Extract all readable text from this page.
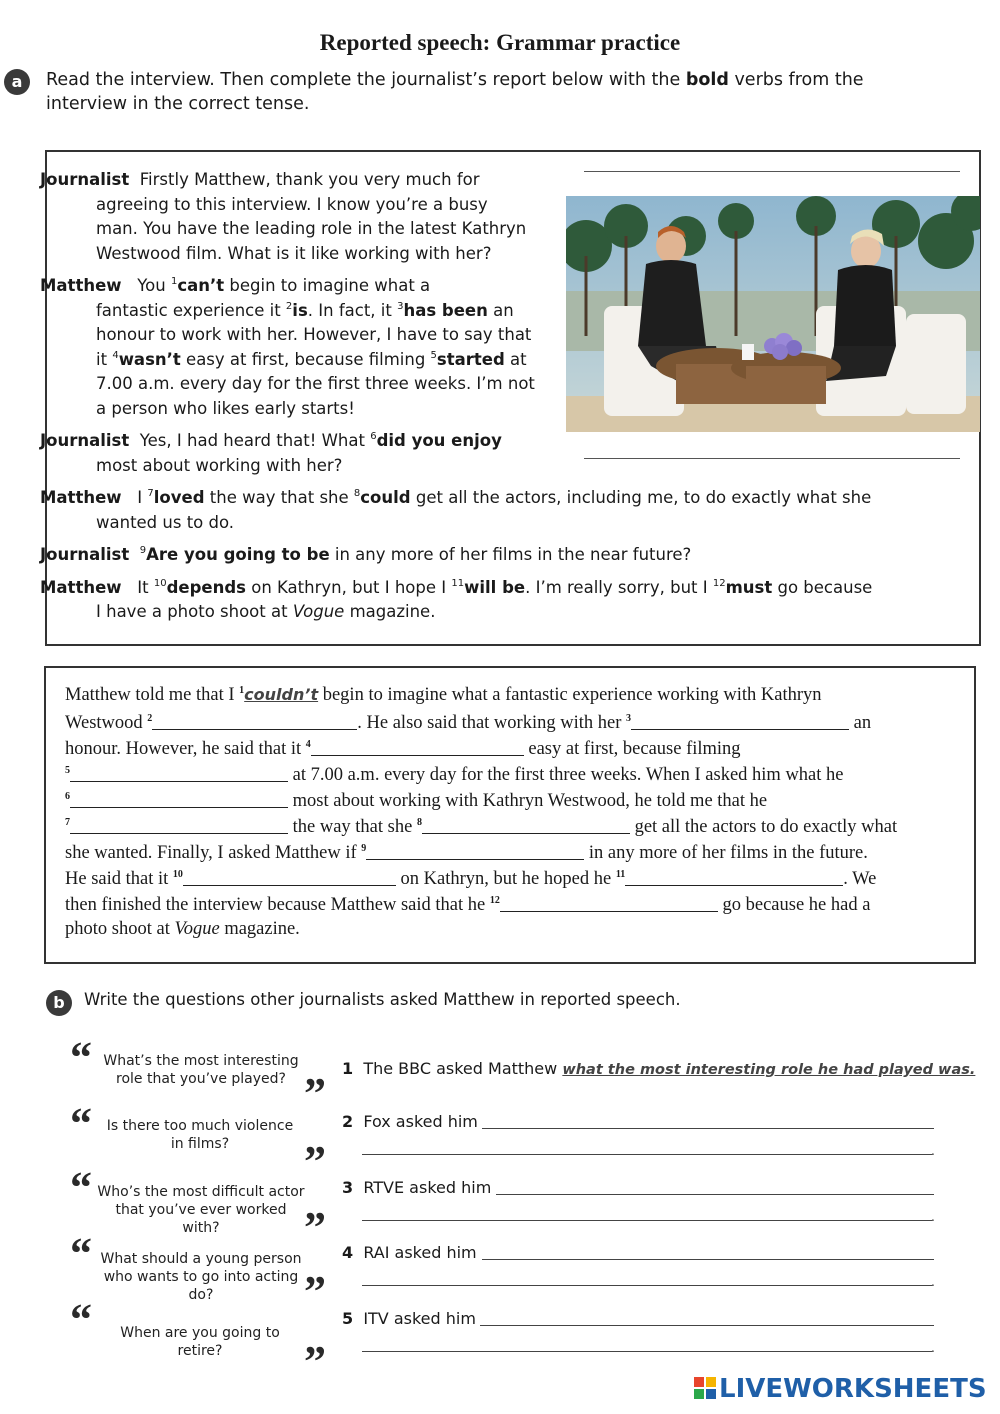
Reported speech: Grammar practice
a	Read the interview. Then complete the journalist’s report below with the bold verbs from the
interview in the correct tense.
Journalist Firstly Matthew, thank you very much for
agreeing to this interview. I know you’re a busy
man. You have the leading role in the latest Kathryn
Westwood film. What is it like working with her?
Matthew You $^1$can’t begin to imagine what a
fantastic experience it $^2$is. In fact, it $^3$has been an
honour to work with her. However, I have to say that
it $^4$wasn’t easy at first, because filming $^5$started at
7.00 a.m. every day for the first three weeks. I’m not
a person who likes early starts!
Journalist Yes, I had heard that! What $^6$did you enjoy
most about working with her?
Matthew I $^7$loved the way that she $^8$could get all the actors, including me, to do exactly what she
wanted us to do.
Journalist $^9$Are you going to be in any more of her films in the near future?
Matthew It $^{10}$depends on Kathryn, but I hope I $^{11}$will be. I’m really sorry, but I $^{12}$must go because
I have a photo shoot at Vogue magazine.
Matthew told me that I $^1$couldn’t begin to imagine what a fantastic experience working with Kathryn
Westwood $^2$	. He also said that working with her $^3$	an
honour. However, he said that it $^4$	easy at first, because filming
$^5$	at 7.00 a.m. every day for the first three weeks. When I asked him what he
$^6$	most about working with Kathryn Westwood, he told me that he
$^7$	the way that she $^8$	get all the actors to do exactly what
she wanted. Finally, I asked Matthew if $^9$	in any more of her films in the future.
He said that it $^{10}$	on Kathryn, but he hoped he $^{11}$	. We
then finished the interview because Matthew said that he $^{12}$	go because he had a
photo shoot at Vogue magazine.
b	Write the questions other journalists asked Matthew in reported speech.
“ What’s the most interesting
role that you’ve played? ”
1 The BBC asked Matthew what the most interesting role he had played was.
“	Is there too much violence
in films?	”
2 Fox asked him
.
“ Who’s the most difficult actor
that you’ve ever worked with?	”
3 RTVE asked him
.
“ What should a young person
who wants to go into acting do?	”
4 RAI asked him
.
“	When are you going to retire?	”
5 ITV asked him
.
LIVEWORKSHEETS
